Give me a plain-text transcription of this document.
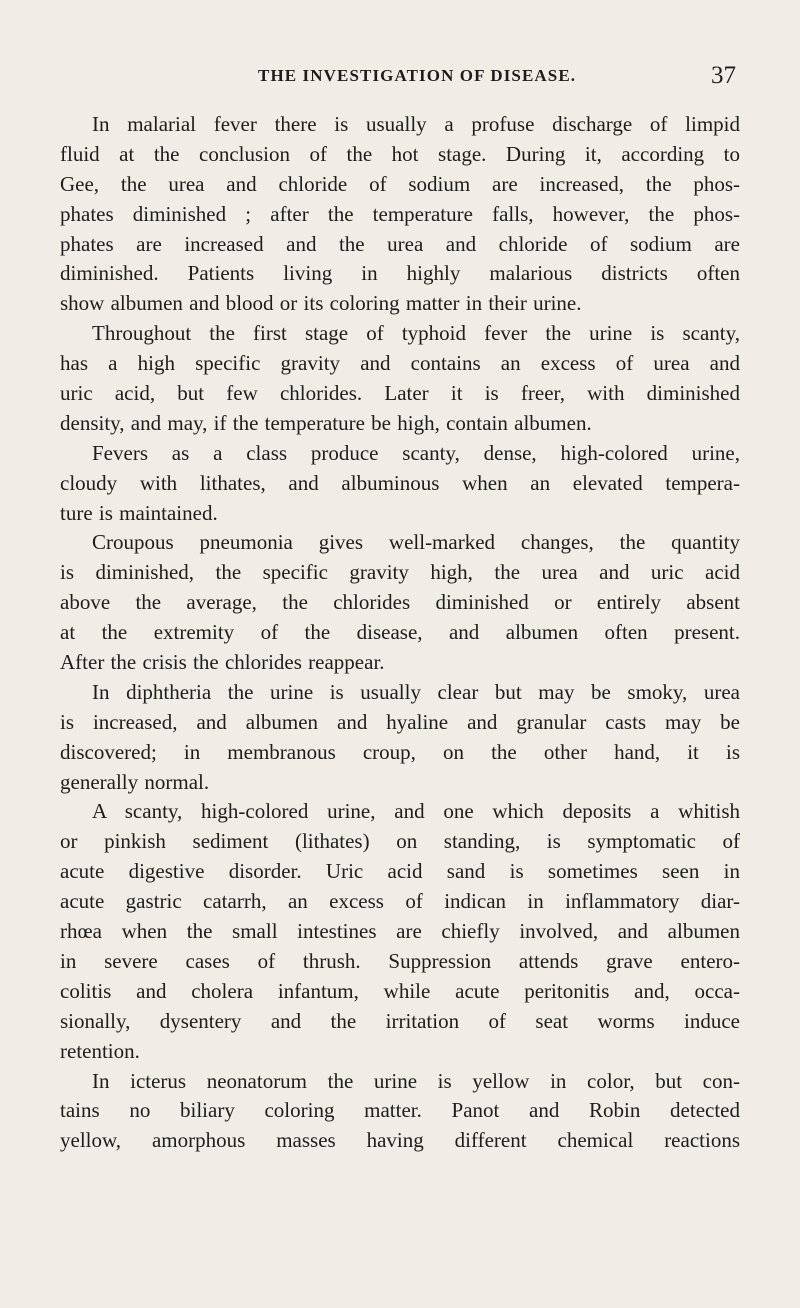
THE INVESTIGATION OF DISEASE.	37
In malarial fever there is usually a profuse discharge of limpid
fluid at the conclusion of the hot stage. During it, according to
Gee, the urea and chloride of sodium are increased, the phos-
phates diminished ; after the temperature falls, however, the phos-
phates are increased and the urea and chloride of sodium are
diminished. Patients living in highly malarious districts often
show albumen and blood or its coloring matter in their urine.
Throughout the first stage of typhoid fever the urine is scanty,
has a high specific gravity and contains an excess of urea and
uric acid, but few chlorides. Later it is freer, with diminished
density, and may, if the temperature be high, contain albumen.
Fevers as a class produce scanty, dense, high-colored urine,
cloudy with lithates, and albuminous when an elevated tempera-
ture is maintained.
Croupous pneumonia gives well-marked changes, the quantity
is diminished, the specific gravity high, the urea and uric acid
above the average, the chlorides diminished or entirely absent
at the extremity of the disease, and albumen often present.
After the crisis the chlorides reappear.
In diphtheria the urine is usually clear but may be smoky, urea
is increased, and albumen and hyaline and granular casts may be
discovered; in membranous croup, on the other hand, it is
generally normal.
A scanty, high-colored urine, and one which deposits a whitish
or pinkish sediment (lithates) on standing, is symptomatic of
acute digestive disorder. Uric acid sand is sometimes seen in
acute gastric catarrh, an excess of indican in inflammatory diar-
rhœa when the small intestines are chiefly involved, and albumen
in severe cases of thrush. Suppression attends grave entero-
colitis and cholera infantum, while acute peritonitis and, occa-
sionally, dysentery and the irritation of seat worms induce
retention.
In icterus neonatorum the urine is yellow in color, but con-
tains no biliary coloring matter. Panot and Robin detected
yellow, amorphous masses having different chemical reactions
